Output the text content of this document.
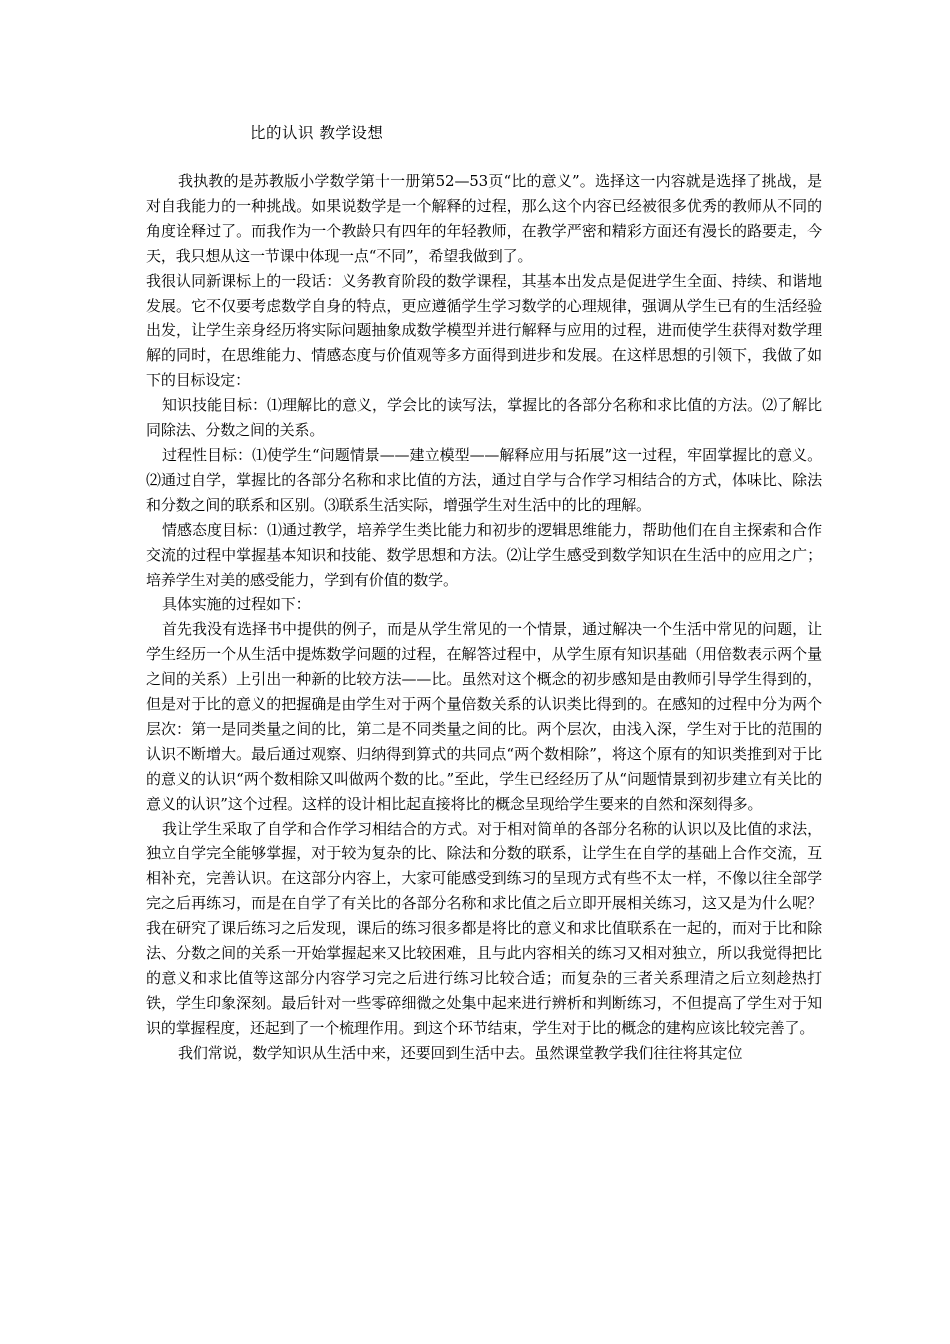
比的认识 教学设想

我执教的是苏教版小学数学第十一册第52—53页“比的意义”。选择这一内容就是选择了挑战，是对自我能力的一种挑战。如果说数学是一个解释的过程，那么这个内容已经被很多优秀的教师从不同的角度诠释过了。而我作为一个教龄只有四年的年轻教师，在教学严密和精彩方面还有漫长的路要走，今天，我只想从这一节课中体现一点“不同”，希望我做到了。

我很认同新课标上的一段话：义务教育阶段的数学课程，其基本出发点是促进学生全面、持续、和谐地发展。它不仅要考虑数学自身的特点，更应遵循学生学习数学的心理规律，强调从学生已有的生活经验出发，让学生亲身经历将实际问题抽象成数学模型并进行解释与应用的过程，进而使学生获得对数学理解的同时，在思维能力、情感态度与价值观等多方面得到进步和发展。在这样思想的引领下，我做了如下的目标设定：

知识技能目标：⑴理解比的意义，学会比的读写法，掌握比的各部分名称和求比值的方法。⑵了解比同除法、分数之间的关系。

过程性目标：⑴使学生“问题情景——建立模型——解释应用与拓展”这一过程，牢固掌握比的意义。⑵通过自学，掌握比的各部分名称和求比值的方法，通过自学与合作学习相结合的方式，体味比、除法和分数之间的联系和区别。⑶联系生活实际，增强学生对生活中的比的理解。

情感态度目标：⑴通过教学，培养学生类比能力和初步的逻辑思维能力，帮助他们在自主探索和合作交流的过程中掌握基本知识和技能、数学思想和方法。⑵让学生感受到数学知识在生活中的应用之广；培养学生对美的感受能力，学到有价值的数学。

具体实施的过程如下：

首先我没有选择书中提供的例子，而是从学生常见的一个情景，通过解决一个生活中常见的问题，让学生经历一个从生活中提炼数学问题的过程，在解答过程中，从学生原有知识基础（用倍数表示两个量之间的关系）上引出一种新的比较方法——比。虽然对这个概念的初步感知是由教师引导学生得到的，但是对于比的意义的把握确是由学生对于两个量倍数关系的认识类比得到的。在感知的过程中分为两个层次：第一是同类量之间的比，第二是不同类量之间的比。两个层次，由浅入深，学生对于比的范围的认识不断增大。最后通过观察、归纳得到算式的共同点“两个数相除”，将这个原有的知识类推到对于比的意义的认识“两个数相除又叫做两个数的比。”至此，学生已经经历了从“问题情景到初步建立有关比的意义的认识”这个过程。这样的设计相比起直接将比的概念呈现给学生要来的自然和深刻得多。

我让学生采取了自学和合作学习相结合的方式。对于相对简单的各部分名称的认识以及比值的求法，独立自学完全能够掌握，对于较为复杂的比、除法和分数的联系，让学生在自学的基础上合作交流，互相补充，完善认识。在这部分内容上，大家可能感受到练习的呈现方式有些不太一样，不像以往全部学完之后再练习，而是在自学了有关比的各部分名称和求比值之后立即开展相关练习，这又是为什么呢？我在研究了课后练习之后发现，课后的练习很多都是将比的意义和求比值联系在一起的，而对于比和除法、分数之间的关系一开始掌握起来又比较困难，且与此内容相关的练习又相对独立，所以我觉得把比的意义和求比值等这部分内容学习完之后进行练习比较合适；而复杂的三者关系理清之后立刻趁热打铁，学生印象深刻。最后针对一些零碎细微之处集中起来进行辨析和判断练习，不但提高了学生对于知识的掌握程度，还起到了一个梳理作用。到这个环节结束，学生对于比的概念的建构应该比较完善了。

我们常说，数学知识从生活中来，还要回到生活中去。虽然课堂教学我们往往将其定位
